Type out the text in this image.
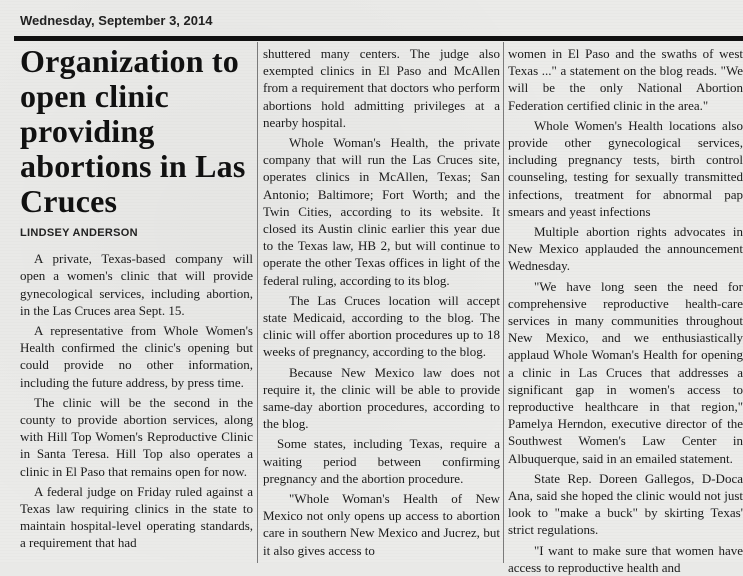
Wednesday, September 3, 2014
Organization to open clinic providing abortions in Las Cruces
LINDSEY ANDERSON

A private, Texas-based company will open a women's clinic that will provide gynecological services, including abortion, in the Las Cruces area Sept. 15.

A representative from Whole Women's Health confirmed the clinic's opening but could provide no other information, including the future address, by press time.

The clinic will be the second in the county to provide abortion services, along with Hill Top Women's Reproductive Clinic in Santa Teresa. Hill Top also operates a clinic in El Paso that remains open for now.

A federal judge on Friday ruled against a Texas law requiring clinics in the state to maintain hospital-level operating standards, a requirement that had

shuttered many centers. The judge also exempted clinics in El Paso and McAllen from a requirement that doctors who perform abortions hold admitting privileges at a nearby hospital.

Whole Woman's Health, the private company that will run the Las Cruces site, operates clinics in McAllen, Texas; San Antonio; Baltimore; Fort Worth; and the Twin Cities, according to its website. It closed its Austin clinic earlier this year due to the Texas law, HB 2, but will continue to operate the other Texas offices in light of the federal ruling, according to its blog.

The Las Cruces location will accept state Medicaid, according to the blog. The clinic will offer abortion procedures up to 18 weeks of pregnancy, according to the blog.

Because New Mexico law does not require it, the clinic will be able to provide same-day abortion procedures, according to the blog.

Some states, including Texas, require a waiting period between confirming pregnancy and the abortion procedure.

"Whole Woman's Health of New Mexico not only opens up access to abortion care in southern New Mexico and Jucrez, but it also gives access to

women in El Paso and the swaths of west Texas ..." a statement on the blog reads. "We will be the only National Abortion Federation certified clinic in the area."

Whole Women's Health locations also provide other gynecological services, including pregnancy tests, birth control counseling, testing for sexually transmitted infections, treatment for abnormal pap smears and yeast infections

Multiple abortion rights advocates in New Mexico applauded the announcement Wednesday.

"We have long seen the need for comprehensive reproductive health-care services in many communities throughout New Mexico, and we enthusiastically applaud Whole Woman's Health for opening a clinic in Las Cruces that addresses a significant gap in women's access to reproductive healthcare in that region," Pamelya Herndon, executive director of the Southwest Women's Law Center in Albuquerque, said in an emailed statement.

State Rep. Doreen Gallegos, D-Doca Ana, said she hoped the clinic would not just look to "make a buck" by skirting Texas' strict regulations.

"I want to make sure that women have access to reproductive health and
